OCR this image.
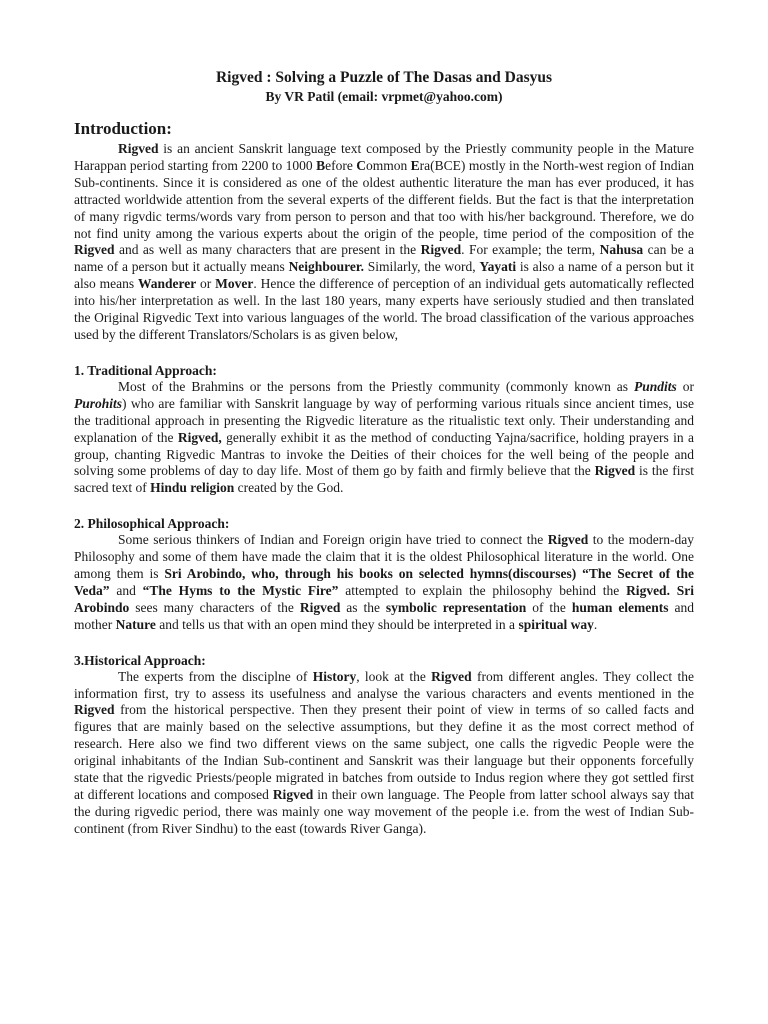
Rigved : Solving a Puzzle of The Dasas and Dasyus

By VR Patil (email: vrpmet@yahoo.com)

Introduction:

Rigved is an ancient Sanskrit language text composed by the Priestly community people in the Mature Harappan period starting from 2200 to 1000 Before Common Era(BCE) mostly in the North-west region of Indian Sub-continents. Since it is considered as one of the oldest authentic literature the man has ever produced, it has attracted worldwide attention from the several experts of the different fields. But the fact is that the interpretation of many rigvdic terms/words vary from person to person and that too with his/her background. Therefore, we do not find unity among the various experts about the origin of the people, time period of the composition of the Rigved and as well as many characters that are present in the Rigved. For example; the term, Nahusa can be a name of a person but it actually means Neighbourer. Similarly, the word, Yayati is also a name of a person but it also means Wanderer or Mover. Hence the difference of perception of an individual gets automatically reflected into his/her interpretation as well. In the last 180 years, many experts have seriously studied and then translated the Original Rigvedic Text into various languages of the world. The broad classification of the various approaches used by the different Translators/Scholars is as given below,

1. Traditional Approach:

Most of the Brahmins or the persons from the Priestly community (commonly known as Pundits or Purohits) who are familiar with Sanskrit language by way of performing various rituals since ancient times, use the traditional approach in presenting the Rigvedic literature as the ritualistic text only. Their understanding and explanation of the Rigved, generally exhibit it as the method of conducting Yajna/sacrifice, holding prayers in a group, chanting Rigvedic Mantras to invoke the Deities of their choices for the well being of the people and solving some problems of day to day life. Most of them go by faith and firmly believe that the Rigved is the first sacred text of Hindu religion created by the God.

2. Philosophical Approach:

Some serious thinkers of Indian and Foreign origin have tried to connect the Rigved to the modern-day Philosophy and some of them have made the claim that it is the oldest Philosophical literature in the world. One among them is Sri Arobindo, who, through his books on selected hymns(discourses) “The Secret of the Veda” and “The Hyms to the Mystic Fire” attempted to explain the philosophy behind the Rigved. Sri Arobindo sees many characters of the Rigved as the symbolic representation of the human elements and mother Nature and tells us that with an open mind they should be interpreted in a spiritual way.

3.Historical Approach:

The experts from the disciplne of History, look at the Rigved from different angles. They collect the information first, try to assess its usefulness and analyse the various characters and events mentioned in the Rigved from the historical perspective. Then they present their point of view in terms of so called facts and figures that are mainly based on the selective assumptions, but they define it as the most correct method of research. Here also we find two different views on the same subject, one calls the rigvedic People were the original inhabitants of the Indian Sub-continent and Sanskrit was their language but their opponents forcefully state that the rigvedic Priests/people migrated in batches from outside to Indus region where they got settled first at different locations and composed Rigved in their own language. The People from latter school always say that the during rigvedic period, there was mainly one way movement of the people i.e. from the west of Indian Sub-continent (from River Sindhu) to the east (towards River Ganga).
